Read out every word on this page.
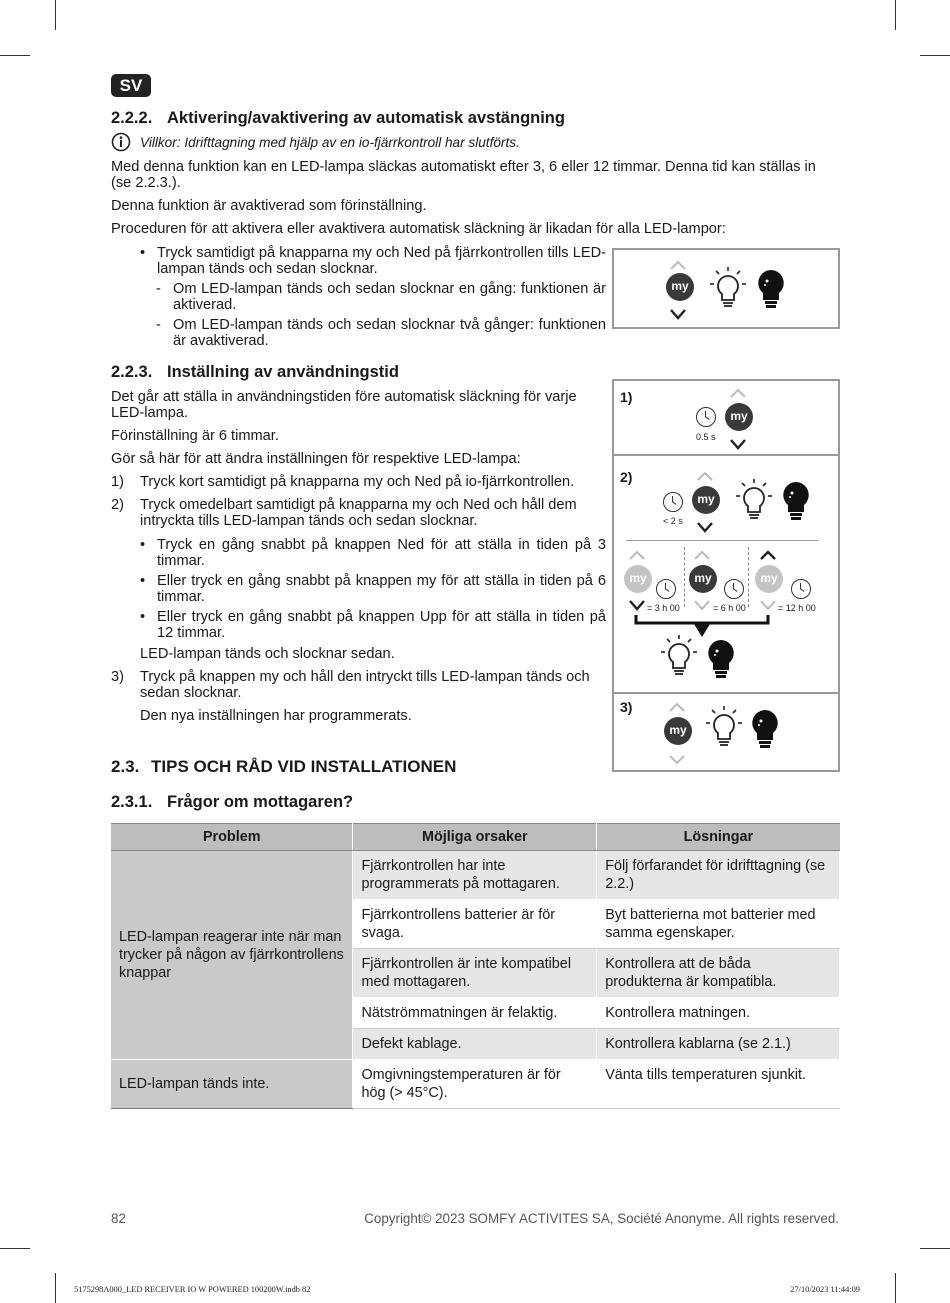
SV
2.2.2. Aktivering/avaktivering av automatisk avstängning
Villkor: Idrifttagning med hjälp av en io-fjärrkontroll har slutförts.
Med denna funktion kan en LED-lampa släckas automatiskt efter 3, 6 eller 12 timmar. Denna tid kan ställas in (se 2.2.3.).
Denna funktion är avaktiverad som förinställning.
Proceduren för att aktivera eller avaktivera automatisk släckning är likadan för alla LED-lampor:
• Tryck samtidigt på knapparna my och Ned på fjärrkontrollen tills LED-lampan tänds och sedan slocknar.
- Om LED-lampan tänds och sedan slocknar en gång: funktionen är aktiverad.
- Om LED-lampan tänds och sedan slocknar två gånger: funktionen är avaktiverad.
my
2.2.3. Inställning av användningstid
Det går att ställa in användningstiden före automatisk släckning för varje LED-lampa.
Förinställning är 6 timmar.
Gör så här för att ändra inställningen för respektive LED-lampa:
1) Tryck kort samtidigt på knapparna my och Ned på io-fjärrkontrollen.
2) Tryck omedelbart samtidigt på knapparna my och Ned och håll dem intryckta tills LED-lampan tänds och sedan slocknar.
• Tryck en gång snabbt på knappen Ned för att ställa in tiden på 3 timmar.
• Eller tryck en gång snabbt på knappen my för att ställa in tiden på 6 timmar.
• Eller tryck en gång snabbt på knappen Upp för att ställa in tiden på 12 timmar.
LED-lampan tänds och slocknar sedan.
3) Tryck på knappen my och håll den intryckt tills LED-lampan tänds och sedan slocknar.
Den nya inställningen har programmerats.
1)
my
0.5 s
2)
my
< 2 s
my
= 3 h 00
my
= 6 h 00
my
= 12 h 00
3)
my
2.3. TIPS OCH RÅD VID INSTALLATIONEN
2.3.1. Frågor om mottagaren?
Problem	Möjliga orsaker	Lösningar
LED-lampan reagerar inte när man trycker på någon av fjärrkontrollens knappar	Fjärrkontrollen har inte programmerats på mottagaren.	Följ förfarandet för idrifttagning (se 2.2.)
	Fjärrkontrollens batterier är för svaga.	Byt batterierna mot batterier med samma egenskaper.
	Fjärrkontrollen är inte kompatibel med mottagaren.	Kontrollera att de båda produkterna är kompatibla.
	Nätströmmatningen är felaktig.	Kontrollera matningen.
	Defekt kablage.	Kontrollera kablarna (se 2.1.)
LED-lampan tänds inte.	Omgivningstemperaturen är för hög (> 45°C).	Vänta tills temperaturen sjunkit.
82	Copyright© 2023 SOMFY ACTIVITES SA, Société Anonyme. All rights reserved.
5175298A000_LED RECEIVER IO W POWERED 100200W.indb 82	27/10/2023 11:44:09
